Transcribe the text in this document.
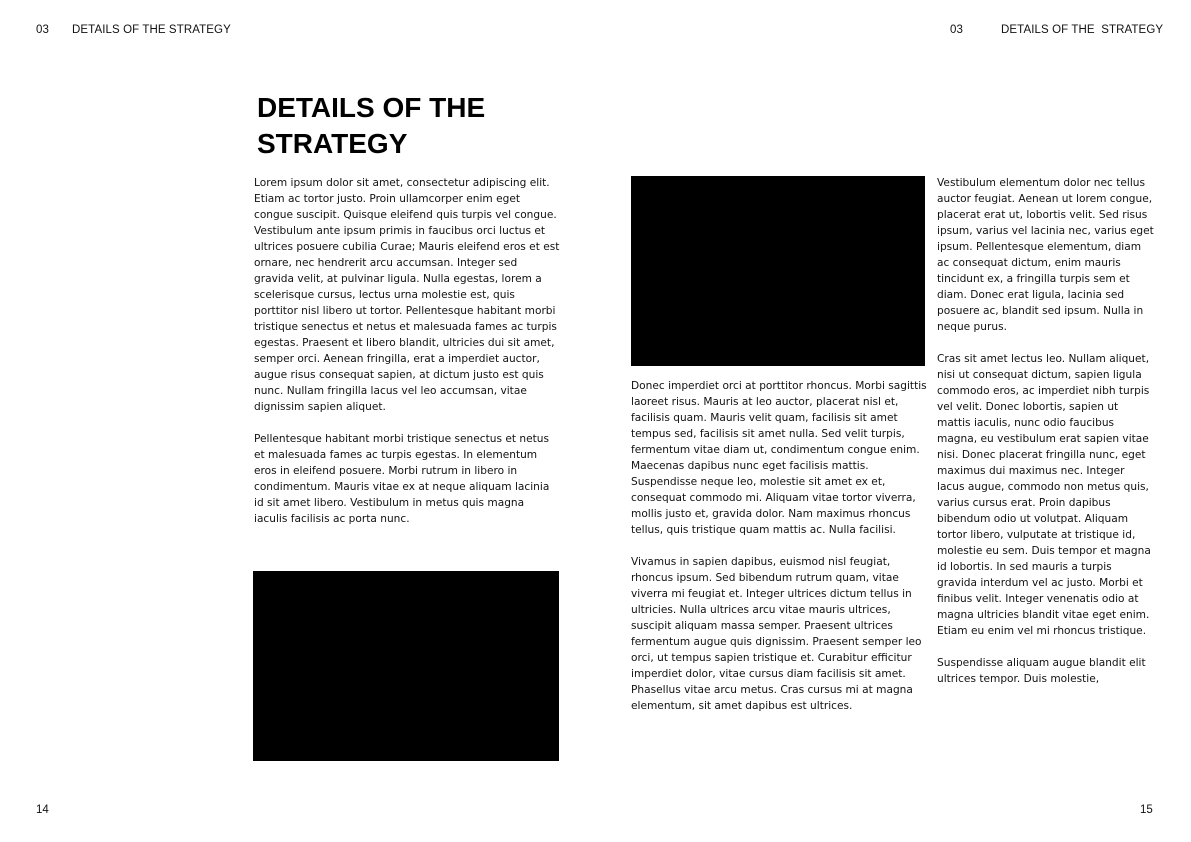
03 DETAILS OF THE STRATEGY	03	DETAILS OF THE  STRATEGY
DETAILS OF THE STRATEGY

Lorem ipsum dolor sit amet, consectetur adipiscing elit. Etiam ac tortor justo. Proin ullamcorper enim eget congue suscipit. Quisque eleifend quis turpis vel congue. Vestibulum ante ipsum primis in faucibus orci luctus et ultrices posuere cubilia Curae; Mauris eleifend eros et est ornare, nec hendrerit arcu accumsan. Integer sed gravida velit, at pulvinar ligula. Nulla egestas, lorem a scelerisque cursus, lectus urna molestie est, quis porttitor nisl libero ut tortor. Pellentesque habitant morbi tristique senectus et netus et malesuada fames ac turpis egestas. Praesent et libero blandit, ultricies dui sit amet, semper orci. Aenean fringilla, erat a imperdiet auctor, augue risus consequat sapien, at dictum justo est quis nunc. Nullam fringilla lacus vel leo accumsan, vitae dignissim sapien aliquet.

Pellentesque habitant morbi tristique senectus et netus et malesuada fames ac turpis egestas. In elementum eros in eleifend posuere. Morbi rutrum in libero in condimentum. Mauris vitae ex at neque aliquam lacinia id sit amet libero. Vestibulum in metus quis magna iaculis facilisis ac porta nunc.

Donec imperdiet orci at porttitor rhoncus. Morbi sagittis laoreet risus. Mauris at leo auctor, placerat nisl et, facilisis quam. Mauris velit quam, facilisis sit amet tempus sed, facilisis sit amet nulla. Sed velit turpis, fermentum vitae diam ut, condimentum congue enim. Maecenas dapibus nunc eget facilisis mattis. Suspendisse neque leo, molestie sit amet ex et, consequat commodo mi. Aliquam vitae tortor viverra, mollis justo et, gravida dolor. Nam maximus rhoncus tellus, quis tristique quam mattis ac. Nulla facilisi.

Vivamus in sapien dapibus, euismod nisl feugiat, rhoncus ipsum. Sed bibendum rutrum quam, vitae viverra mi feugiat et. Integer ultrices dictum tellus in ultricies. Nulla ultrices arcu vitae mauris ultrices, suscipit aliquam massa semper. Praesent ultrices fermentum augue quis dignissim. Praesent semper leo orci, ut tempus sapien tristique et. Curabitur efficitur imperdiet dolor, vitae cursus diam facilisis sit amet. Phasellus vitae arcu metus. Cras cursus mi at magna elementum, sit amet dapibus est ultrices.

Vestibulum elementum dolor nec tellus auctor feugiat. Aenean ut lorem congue, placerat erat ut, lobortis velit. Sed risus ipsum, varius vel lacinia nec, varius eget ipsum. Pellentesque elementum, diam ac consequat dictum, enim mauris tincidunt ex, a fringilla turpis sem et diam. Donec erat ligula, lacinia sed posuere ac, blandit sed ipsum. Nulla in neque purus.

Cras sit amet lectus leo. Nullam aliquet, nisi ut consequat dictum, sapien ligula commodo eros, ac imperdiet nibh turpis vel velit. Donec lobortis, sapien ut mattis iaculis, nunc odio faucibus magna, eu vestibulum erat sapien vitae nisi. Donec placerat fringilla nunc, eget maximus dui maximus nec. Integer lacus augue, commodo non metus quis, varius cursus erat. Proin dapibus bibendum odio ut volutpat. Aliquam tortor libero, vulputate at tristique id, molestie eu sem. Duis tempor et magna id lobortis. In sed mauris a turpis gravida interdum vel ac justo. Morbi et finibus velit. Integer venenatis odio at magna ultricies blandit vitae eget enim. Etiam eu enim vel mi rhoncus tristique.

Suspendisse aliquam augue blandit elit ultrices tempor. Duis molestie,

14	15
